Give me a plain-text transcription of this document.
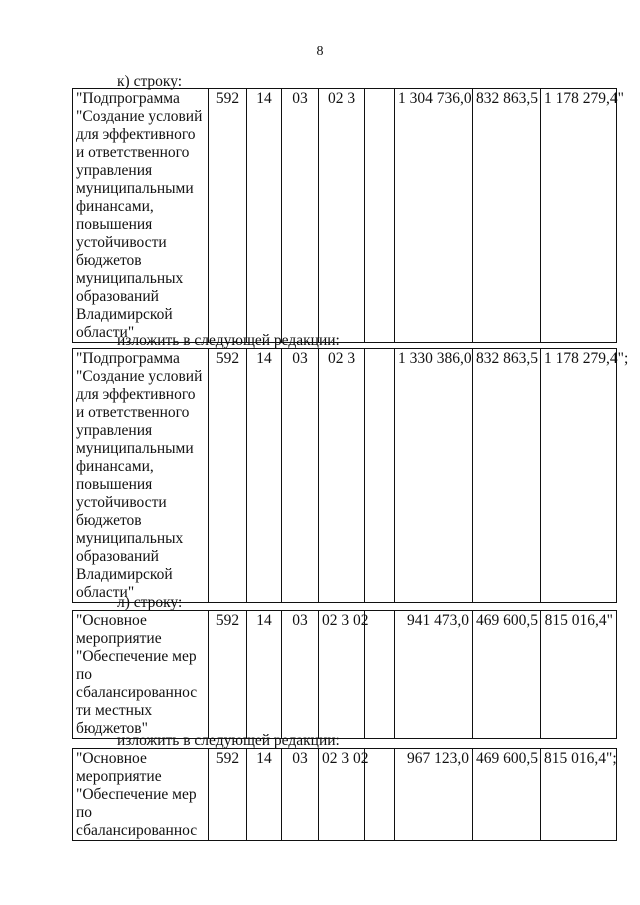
8
к) строку:
"Подпрограмма
"Создание условий
для эффективного
и ответственного
управления
муниципальными
финансами,
повышения
устойчивости
бюджетов
муниципальных
образований
Владимирской
области"	592	14	03	02 3		1 304 736,0	832 863,5	1 178 279,4"
изложить в следующей редакции:
"Подпрограмма
"Создание условий
для эффективного
и ответственного
управления
муниципальными
финансами,
повышения
устойчивости
бюджетов
муниципальных
образований
Владимирской
области"	592	14	03	02 3		1 330 386,0	832 863,5	1 178 279,4";
л) строку:
"Основное
мероприятие
"Обеспечение мер
по
сбалансированнос
ти местных
бюджетов"	592	14	03	02 3 02		941 473,0	469 600,5	815 016,4"
изложить в следующей редакции:
"Основное
мероприятие
"Обеспечение мер
по
сбалансированнос	592	14	03	02 3 02		967 123,0	469 600,5	815 016,4";
